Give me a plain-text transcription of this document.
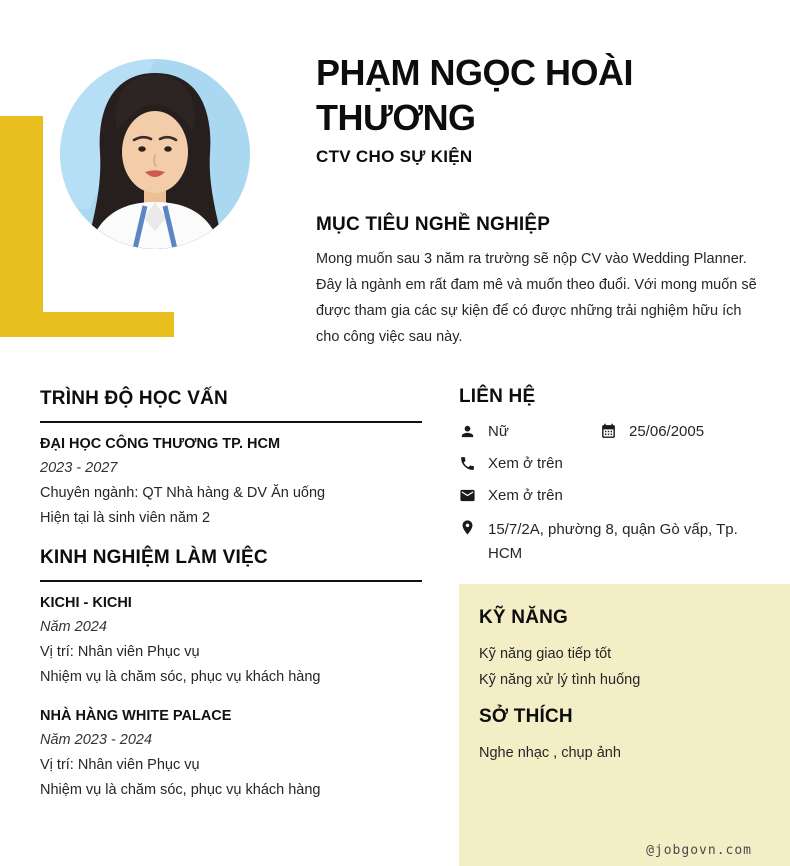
PHẠM NGỌC HOÀI THƯƠNG
CTV CHO SỰ KIỆN
MỤC TIÊU NGHỀ NGHIỆP
Mong muốn sau 3 năm ra trường sẽ nộp CV vào Wedding Planner. Đây là ngành em rất đam mê và muốn theo đuổi. Với mong muốn sẽ được tham gia các sự kiện để có được những trải nghiệm hữu ích cho công việc sau này.
TRÌNH ĐỘ HỌC VẤN
ĐẠI HỌC CÔNG THƯƠNG TP. HCM
2023 - 2027
Chuyên ngành: QT Nhà hàng & DV Ăn uống
Hiện tại là sinh viên năm 2
KINH NGHIỆM LÀM VIỆC
KICHI - KICHI
Năm 2024
Vị trí: Nhân viên Phục vụ
Nhiệm vụ là chăm sóc, phục vụ khách hàng
NHÀ HÀNG WHITE PALACE
Năm 2023 - 2024
Vị trí: Nhân viên Phục vụ
Nhiệm vụ là chăm sóc, phục vụ khách hàng
LIÊN HỆ
Nữ	25/06/2005
Xem ở trên
Xem ở trên
15/7/2A, phường 8, quận Gò vấp, Tp. HCM
KỸ NĂNG
Kỹ năng giao tiếp tốt
Kỹ năng xử lý tình huống
SỞ THÍCH
Nghe nhạc , chụp ảnh
@jobgovn.com
